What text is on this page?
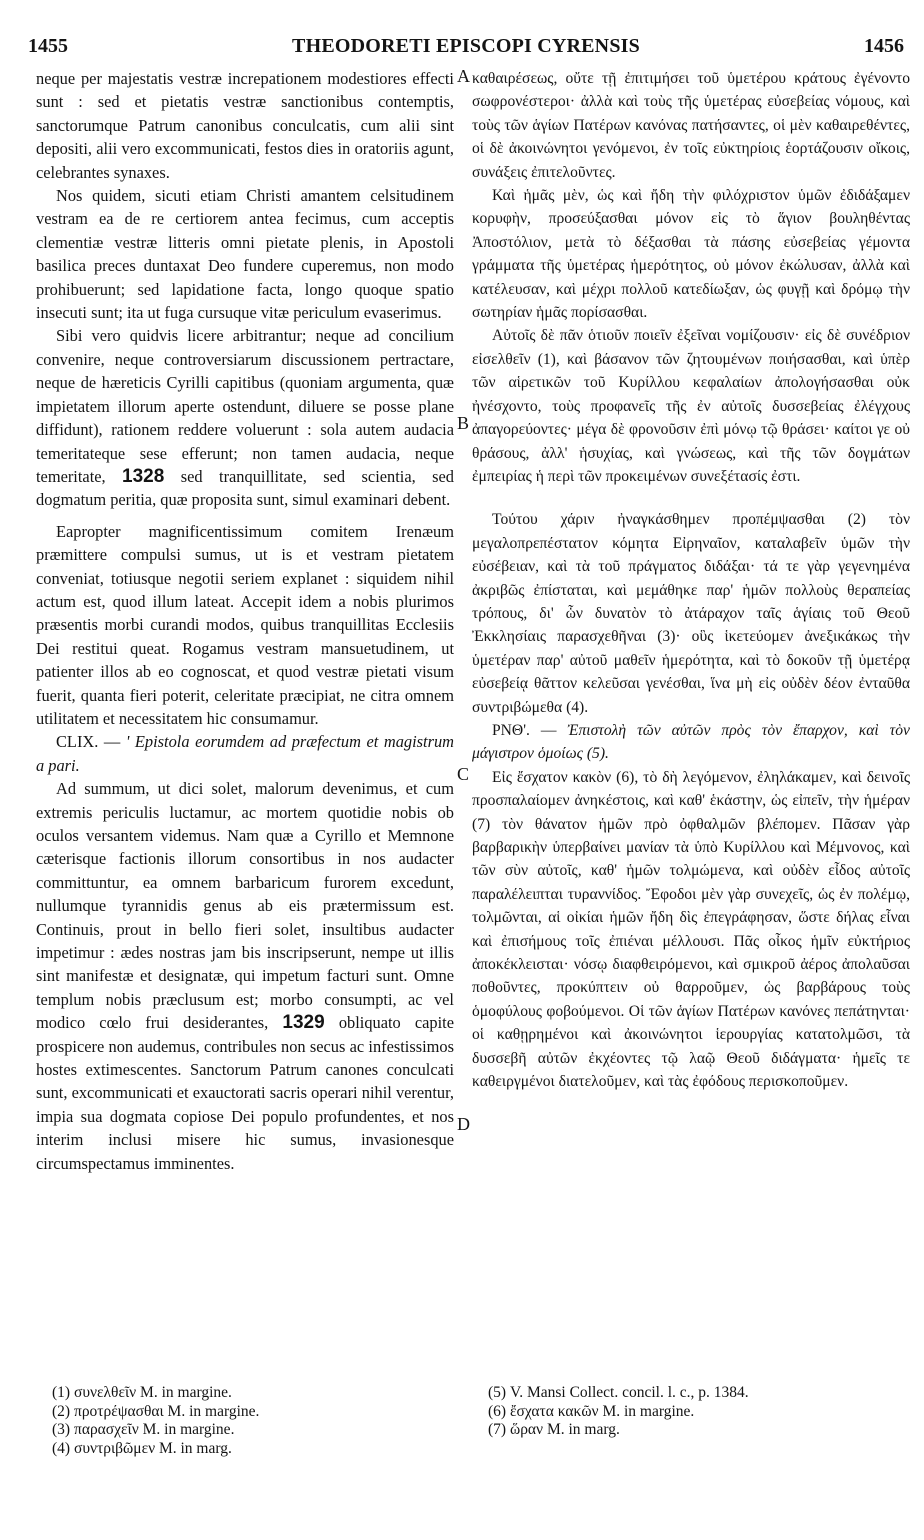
1455	THEODORETI EPISCOPI CYRENSIS	1456

neque per majestatis vestræ increpationem modestiores effecti sunt : sed et pietatis vestræ sanctionibus contemptis, sanctorumque Patrum canonibus conculcatis, cum alii sint depositi, alii vero excommunicati, festos dies in oratoriis agunt, celebrantes synaxes.

Nos quidem, sicuti etiam Christi amantem celsitudinem vestram ea de re certiorem antea fecimus, cum acceptis clementiæ vestræ litteris omni pietate plenis, in Apostoli basilica preces duntaxat Deo fundere cuperemus, non modo prohibuerunt; sed lapidatione facta, longo quoque spatio insecuti sunt; ita ut fuga cursuque vitæ periculum evaserimus.

Sibi vero quidvis licere arbitrantur; neque ad concilium convenire, neque controversiarum discussionem pertractare, neque de hæreticis Cyrilli capitibus (quoniam argumenta, quæ impietatem illorum aperte ostendunt, diluere se posse plane diffidunt), rationem reddere voluerunt : sola autem audacia temeritateque sese efferunt; non tamen audacia, neque temeritate, 1328 sed tranquillitate, sed scientia, sed dogmatum peritia, quæ proposita sunt, simul examinari debent.

Eapropter magnificentissimum comitem Irenæum præmittere compulsi sumus, ut is et vestram pietatem conveniat, totiusque negotii seriem explanet : siquidem nihil actum est, quod illum lateat. Accepit idem a nobis plurimos præsentis morbi curandi modos, quibus tranquillitas Ecclesiis Dei restitui queat. Rogamus vestram mansuetudinem, ut patienter illos ab eo cognoscat, et quod vestræ pietati visum fuerit, quanta fieri poterit, celeritate præcipiat, ne citra omnem utilitatem et necessitatem hic consumamur.

CLIX. — ' Epistola eorumdem ad præfectum et magistrum a pari.

Ad summum, ut dici solet, malorum devenimus, et cum extremis periculis luctamur, ac mortem quotidie nobis ob oculos versantem videmus. Nam quæ a Cyrillo et Memnone cæterisque factionis illorum consortibus in nos audacter committuntur, ea omnem barbaricum furorem excedunt, nullumque tyrannidis genus ab eis prætermissum est. Continuis, prout in bello fieri solet, insultibus audacter impetimur : ædes nostras jam bis inscripserunt, nempe ut illis sint manifestæ et designatæ, qui impetum facturi sunt. Omne templum nobis præclusum est; morbo consumpti, ac vel modico cœlo frui desiderantes, 1329 obliquato capite prospicere non audemus, contribules non secus ac infestissimos hostes extimescentes. Sanctorum Patrum canones conculcati sunt, excommunicati et exauctorati sacris operari nihil verentur, impia sua dogmata copiose Dei populo profundentes, et nos interim inclusi misere hic sumus, invasionesque circumspectamus imminentes.

A
B
C
D

καθαιρέσεως, οὔτε τῇ ἐπιτιμήσει τοῦ ὑμετέρου κράτους ἐγένοντο σωφρονέστεροι· ἀλλὰ καὶ τοὺς τῆς ὑμετέρας εὐσεβείας νόμους, καὶ τοὺς τῶν ἁγίων Πατέρων κανόνας πατήσαντες, οἱ μὲν καθαιρεθέντες, οἱ δὲ ἀκοινώνητοι γενόμενοι, ἐν τοῖς εὐκτηρίοις ἑορτάζουσιν οἴκοις, συνάξεις ἐπιτελοῦντες.

Καὶ ἡμᾶς μὲν, ὡς καὶ ἤδη τὴν φιλόχριστον ὑμῶν ἐδιδάξαμεν κορυφὴν, προσεύξασθαι μόνον εἰς τὸ ἅγιον βουληθέντας Ἀποστόλιον, μετὰ τὸ δέξασθαι τὰ πάσης εὐσεβείας γέμοντα γράμματα τῆς ὑμετέρας ἡμερότητος, οὐ μόνον ἐκώλυσαν, ἀλλὰ καὶ κατέλευσαν, καὶ μέχρι πολλοῦ κατεδίωξαν, ὡς φυγῇ καὶ δρόμῳ τὴν σωτηρίαν ἡμᾶς πορίσασθαι.

Αὐτοῖς δὲ πᾶν ὁτιοῦν ποιεῖν ἐξεῖναι νομίζουσιν· εἰς δὲ συνέδριον εἰσελθεῖν (1), καὶ βάσανον τῶν ζητουμένων ποιήσασθαι, καὶ ὑπὲρ τῶν αἱρετικῶν τοῦ Κυρίλλου κεφαλαίων ἀπολογήσασθαι οὐκ ἠνέσχοντο, τοὺς προφανεῖς τῆς ἐν αὐτοῖς δυσσεβείας ἐλέγχους ἀπαγορεύοντες· μέγα δὲ φρονοῦσιν ἐπὶ μόνῳ τῷ θράσει· καίτοι γε οὐ θράσους, ἀλλ' ἡσυχίας, καὶ γνώσεως, καὶ τῆς τῶν δογμάτων ἐμπειρίας ἡ περὶ τῶν προκειμένων συνεξέτασίς ἐστι.

Τούτου χάριν ἠναγκάσθημεν προπέμψασθαι (2) τὸν μεγαλοπρεπέστατον κόμητα Εἰρηναῖον, καταλαβεῖν ὑμῶν τὴν εὐσέβειαν, καὶ τὰ τοῦ πράγματος διδάξαι· τά τε γὰρ γεγενημένα ἀκριβῶς ἐπίσταται, καὶ μεμάθηκε παρ' ἡμῶν πολλοὺς θεραπείας τρόπους, δι' ὧν δυνατὸν τὸ ἀτάραχον ταῖς ἁγίαις τοῦ Θεοῦ Ἐκκλησίαις παρασχεθῆναι (3)· οὓς ἱκετεύομεν ἀνεξικάκως τὴν ὑμετέραν παρ' αὐτοῦ μαθεῖν ἡμερότητα, καὶ τὸ δοκοῦν τῇ ὑμετέρᾳ εὐσεβείᾳ θᾶττον κελεῦσαι γενέσθαι, ἵνα μὴ εἰς οὐδὲν δέον ἐνταῦθα συντριβώμεθα (4).

ΡΝΘ'. — Ἐπιστολὴ τῶν αὐτῶν πρὸς τὸν ἔπαρχον, καὶ τὸν μάγιστρον ὁμοίως (5).

Εἰς ἔσχατον κακὸν (6), τὸ δὴ λεγόμενον, ἐληλάκαμεν, καὶ δεινοῖς προσπαλαίομεν ἀνηκέστοις, καὶ καθ' ἑκάστην, ὡς εἰπεῖν, τὴν ἡμέραν (7) τὸν θάνατον ἡμῶν πρὸ ὀφθαλμῶν βλέπομεν. Πᾶσαν γὰρ βαρβαρικὴν ὑπερβαίνει μανίαν τὰ ὑπὸ Κυρίλλου καὶ Μέμνονος, καὶ τῶν σὺν αὐτοῖς, καθ' ἡμῶν τολμώμενα, καὶ οὐδὲν εἶδος αὐτοῖς παραλέλειπται τυραννίδος. Ἔφοδοι μὲν γὰρ συνεχεῖς, ὡς ἐν πολέμῳ, τολμῶνται, αἱ οἰκίαι ἡμῶν ἤδη δὶς ἐπεγράφησαν, ὥστε δήλας εἶναι καὶ ἐπισήμους τοῖς ἐπιέναι μέλλουσι. Πᾶς οἶκος ἡμῖν εὐκτήριος ἀποκέκλεισται· νόσῳ διαφθειρόμενοι, καὶ σμικροῦ ἀέρος ἀπολαῦσαι ποθοῦντες, προκύπτειν οὐ θαρροῦμεν, ὡς βαρβάρους τοὺς ὁμοφύλους φοβούμενοι. Οἱ τῶν ἁγίων Πατέρων κανόνες πεπάτηνται· οἱ καθῃρημένοι καὶ ἀκοινώνητοι ἱερουργίας κατατολμῶσι, τὰ δυσσεβῆ αὐτῶν ἐκχέοντες τῷ λαῷ Θεοῦ διδάγματα· ἡμεῖς τε καθειργμένοι διατελοῦμεν, καὶ τὰς ἐφόδους περισκοποῦμεν.

(1) συνελθεῖν M. in margine.
(2) προτρέψασθαι M. in margine.
(3) παρασχεῖν M. in margine.
(4) συντριβῶμεν M. in marg.
(5) V. Mansi Collect. concil. l. c., p. 1384.
(6) ἔσχατα κακῶν M. in margine.
(7) ὥραν M. in marg.
